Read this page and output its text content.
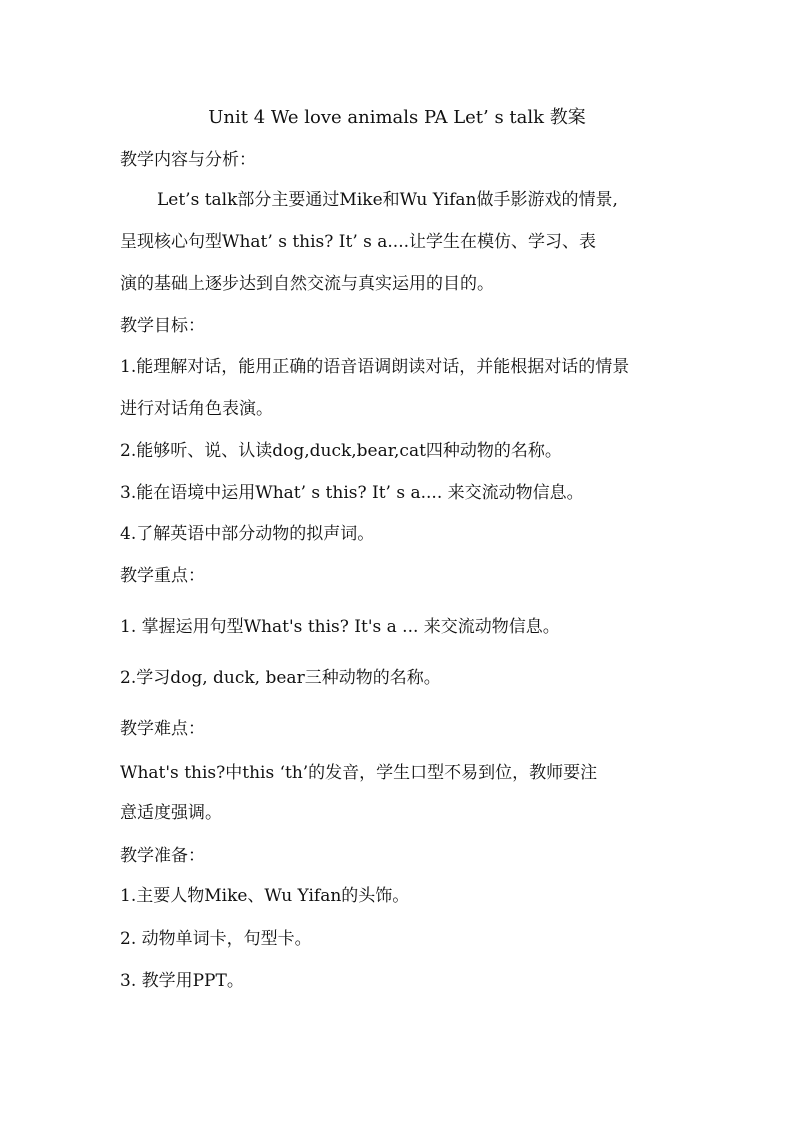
Unit 4 We love animals PA Let’ s talk 教案
教学内容与分析：
Let’s talk部分主要通过Mike和Wu Yifan做手影游戏的情景,
呈现核心句型What’ s this? It’ s a....让学生在模仿、学习、表
演的基础上逐步达到自然交流与真实运用的目的。
教学目标：
1.能理解对话，能用正确的语音语调朗读对话，并能根据对话的情景
进行对话角色表演。
2.能够听、说、认读dog,duck,bear,cat四种动物的名称。
3.能在语境中运用What’ s this? It’ s a.... 来交流动物信息。
4.了解英语中部分动物的拟声词。
教学重点：
1. 掌握运用句型What's this? It's a ... 来交流动物信息。
2.学习dog, duck, bear三种动物的名称。
教学难点：
What's this?中this ‘th’的发音，学生口型不易到位，教师要注
意适度强调。
教学准备：
1.主要人物Mike、Wu Yifan的头饰。
2. 动物单词卡，句型卡。
3. 教学用PPT。
